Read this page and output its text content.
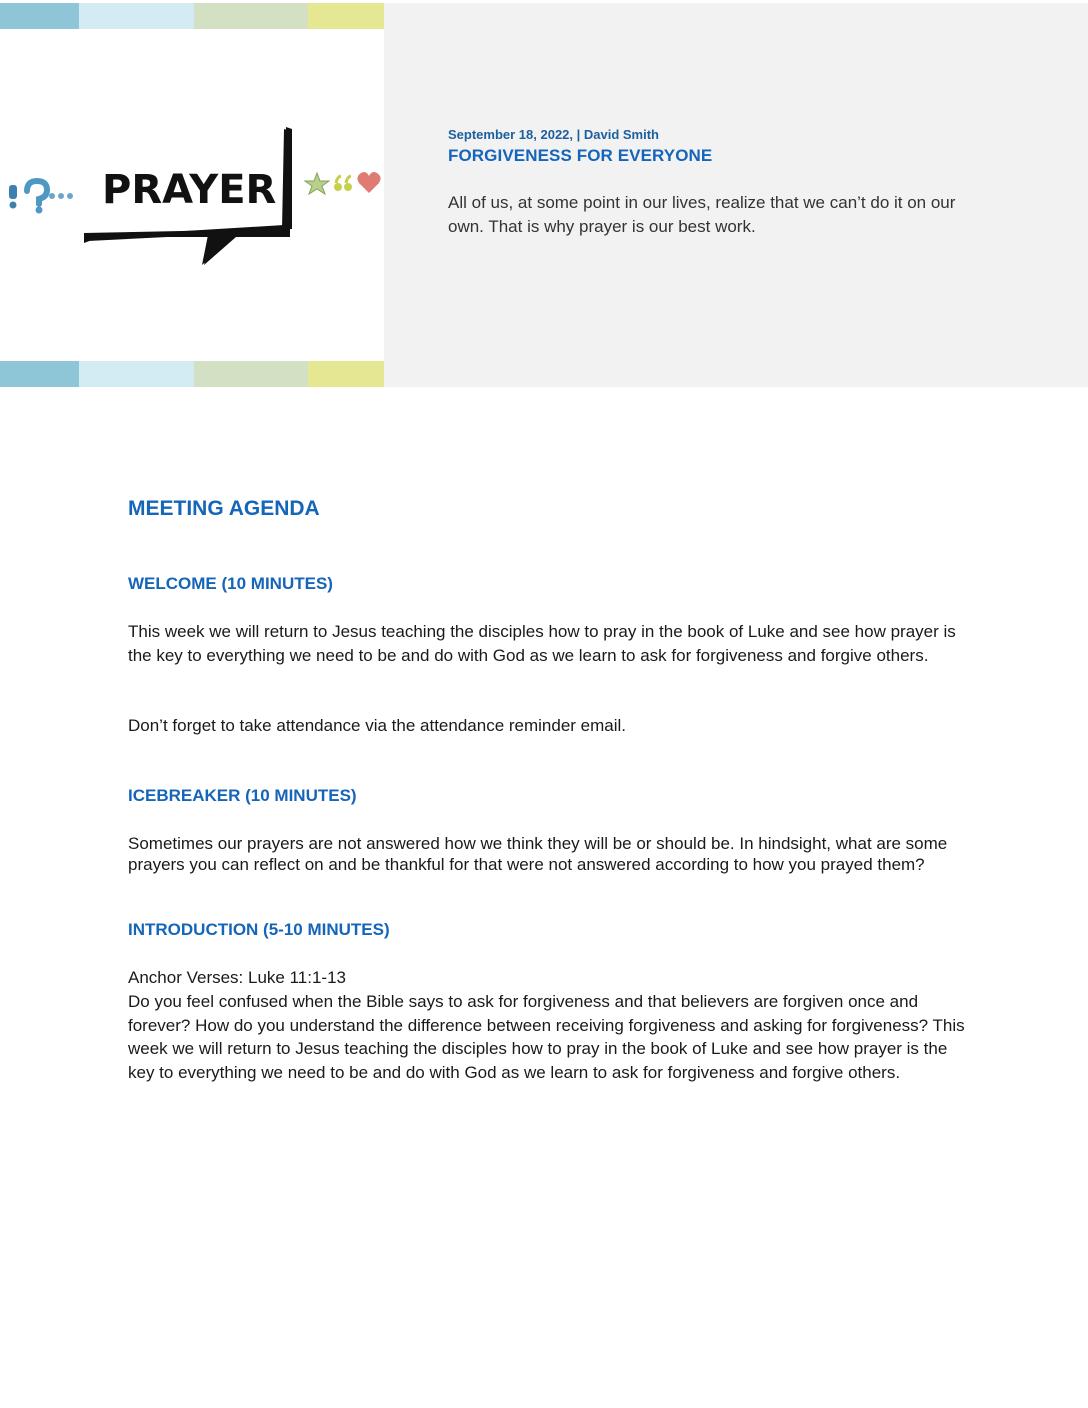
PRAYER
September 18, 2022, | David Smith
FORGIVENESS FOR EVERYONE
All of us, at some point in our lives, realize that we can’t do it on our own. That is why prayer is our best work.
MEETING AGENDA
WELCOME (10 MINUTES)
This week we will return to Jesus teaching the disciples how to pray in the book of Luke and see how prayer is the key to everything we need to be and do with God as we learn to ask for forgiveness and forgive others.
Don’t forget to take attendance via the attendance reminder email.
ICEBREAKER (10 MINUTES)
Sometimes our prayers are not answered how we think they will be or should be. In hindsight, what are some prayers you can reflect on and be thankful for that were not answered according to how you prayed them?
INTRODUCTION (5-10 MINUTES)
Anchor Verses: Luke 11:1-13
Do you feel confused when the Bible says to ask for forgiveness and that believers are forgiven once and forever? How do you understand the difference between receiving forgiveness and asking for forgiveness? This week we will return to Jesus teaching the disciples how to pray in the book of Luke and see how prayer is the key to everything we need to be and do with God as we learn to ask for forgiveness and forgive others.
